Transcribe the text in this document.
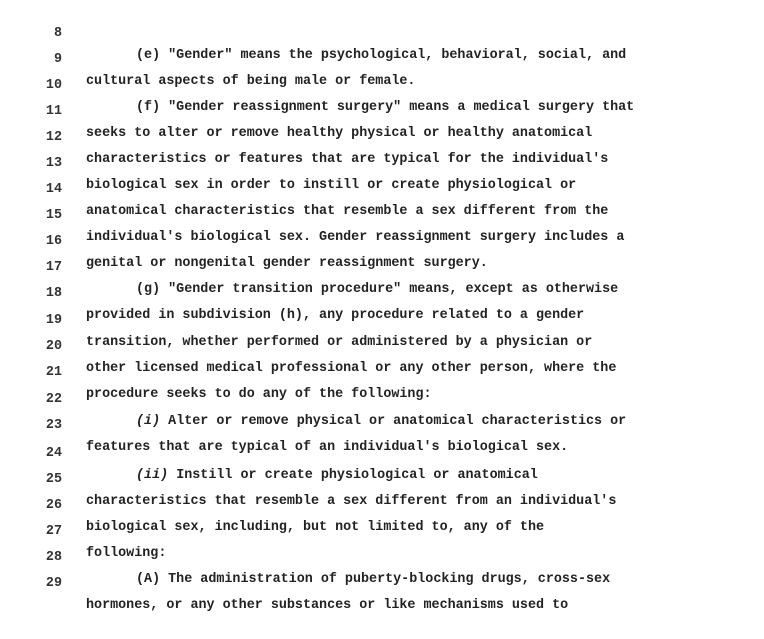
8

(e) "Gender" means the psychological, behavioral, social, and

9

cultural aspects of being male or female.

10

(f) "Gender reassignment surgery" means a medical surgery that

11

seeks to alter or remove healthy physical or healthy anatomical

12

characteristics or features that are typical for the individual's

13

biological sex in order to instill or create physiological or

14

anatomical characteristics that resemble a sex different from the

15

individual's biological sex. Gender reassignment surgery includes a

16

genital or nongenital gender reassignment surgery.

17

(g) "Gender transition procedure" means, except as otherwise

18

provided in subdivision (h), any procedure related to a gender

19

transition, whether performed or administered by a physician or

20

other licensed medical professional or any other person, where the

21

procedure seeks to do any of the following:

22

(i) Alter or remove physical or anatomical characteristics or

23

features that are typical of an individual's biological sex.

24

(ii) Instill or create physiological or anatomical

25

characteristics that resemble a sex different from an individual's

26

biological sex, including, but not limited to, any of the

27

following:

28

(A) The administration of puberty-blocking drugs, cross-sex

29

hormones, or any other substances or like mechanisms used to
